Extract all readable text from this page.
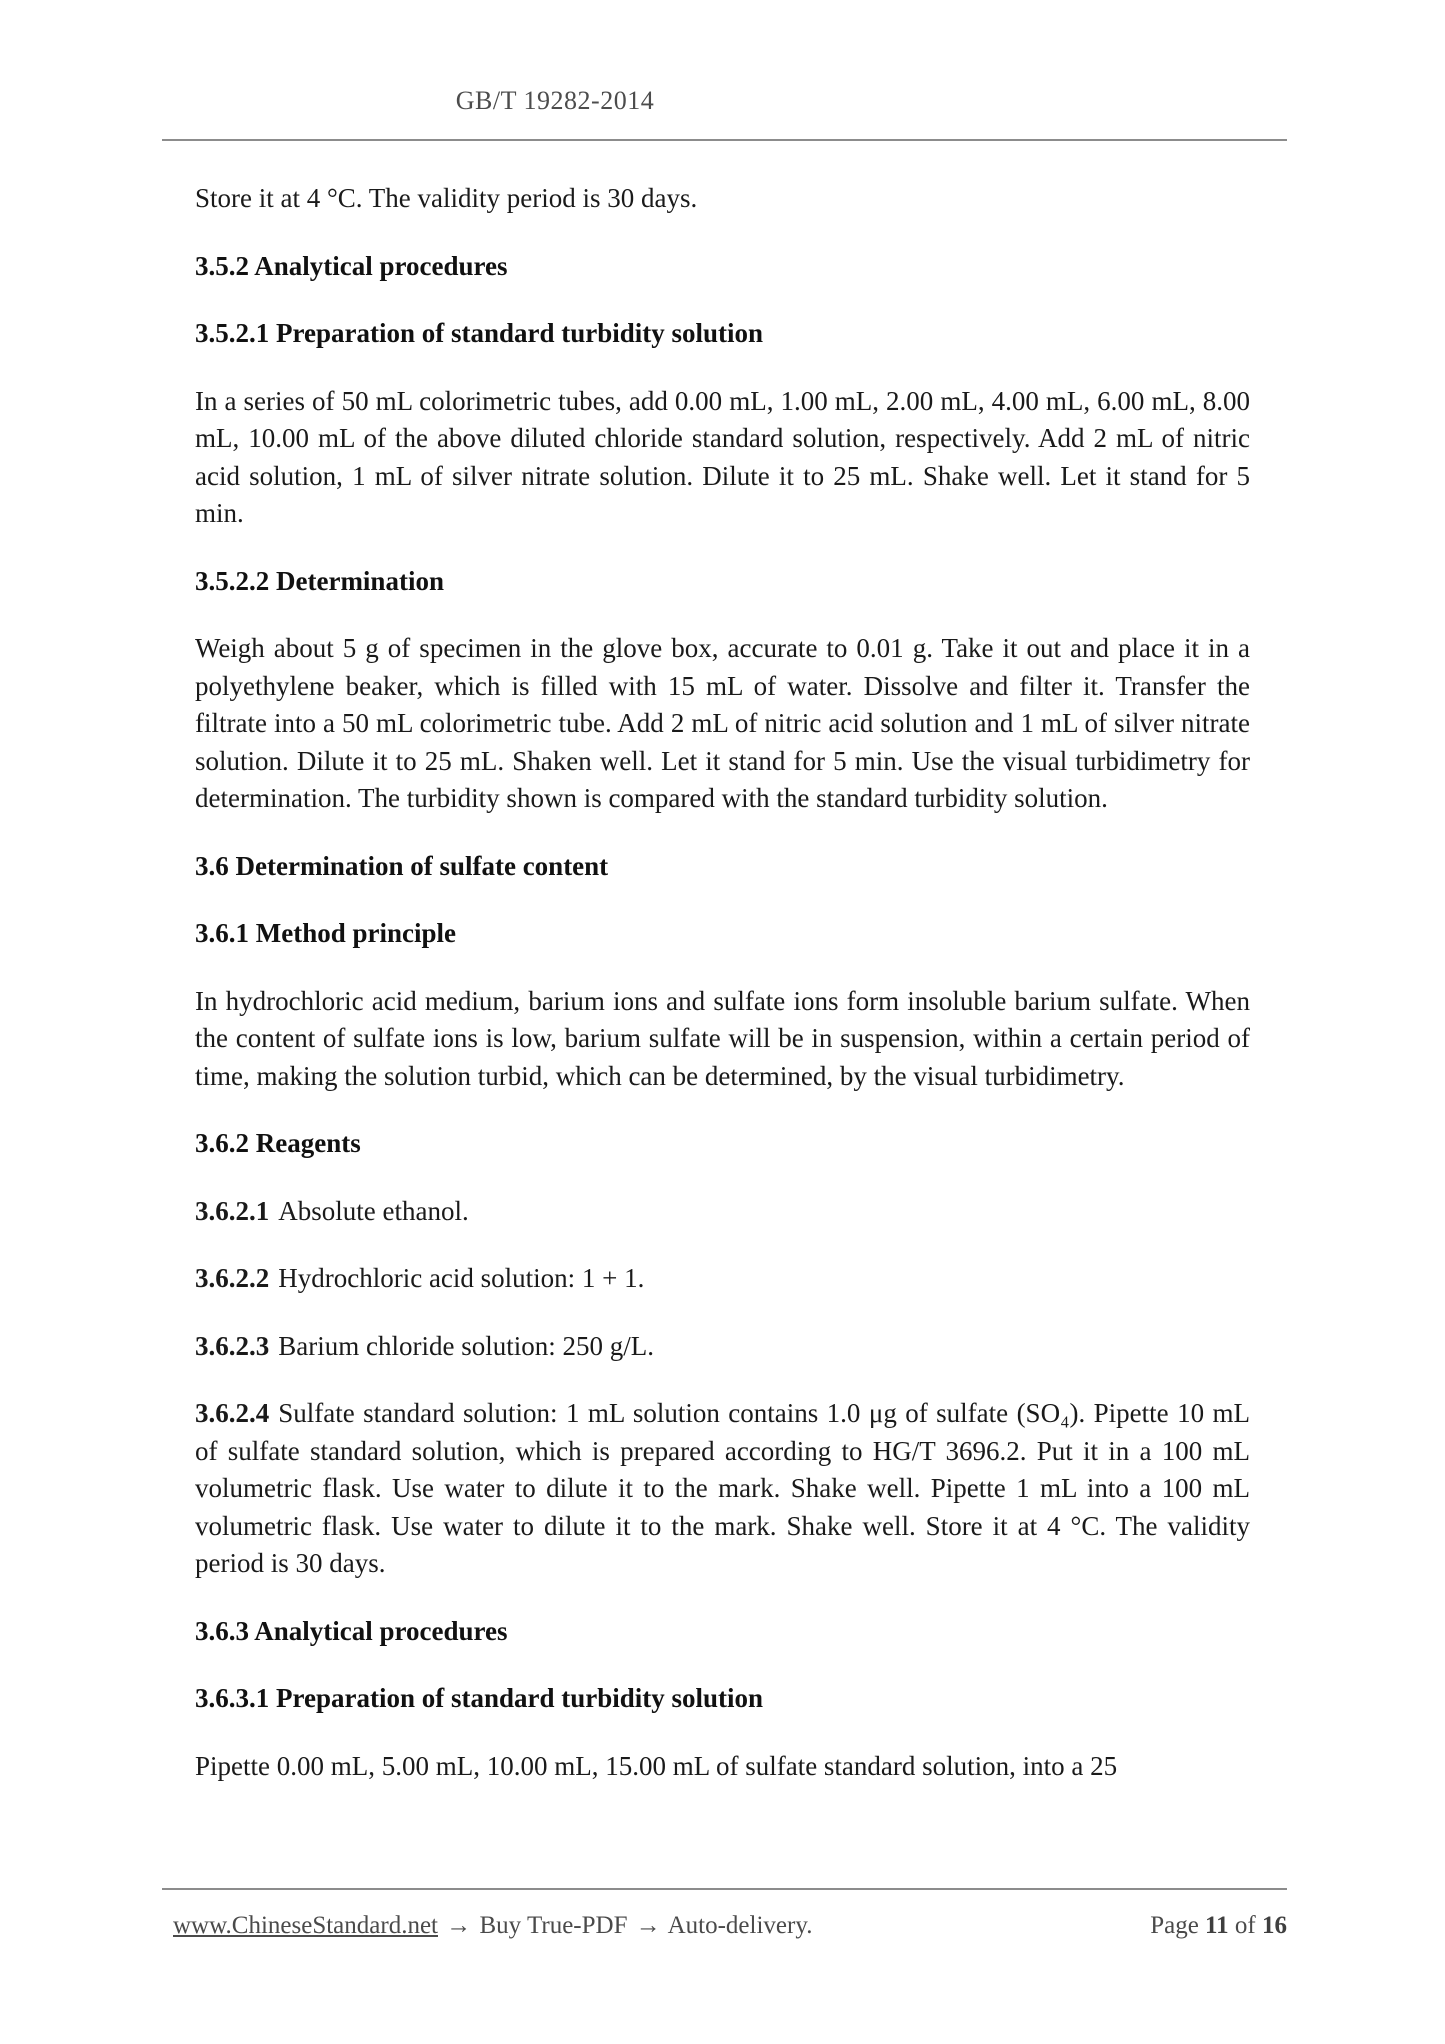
GB/T 19282-2014

Store it at 4 °C. The validity period is 30 days.

3.5.2 Analytical procedures
3.5.2.1 Preparation of standard turbidity solution

In a series of 50 mL colorimetric tubes, add 0.00 mL, 1.00 mL, 2.00 mL, 4.00 mL, 6.00 mL, 8.00 mL, 10.00 mL of the above diluted chloride standard solution, respectively. Add 2 mL of nitric acid solution, 1 mL of silver nitrate solution. Dilute it to 25 mL. Shake well. Let it stand for 5 min.

3.5.2.2 Determination

Weigh about 5 g of specimen in the glove box, accurate to 0.01 g. Take it out and place it in a polyethylene beaker, which is filled with 15 mL of water. Dissolve and filter it. Transfer the filtrate into a 50 mL colorimetric tube. Add 2 mL of nitric acid solution and 1 mL of silver nitrate solution. Dilute it to 25 mL. Shaken well. Let it stand for 5 min. Use the visual turbidimetry for determination. The turbidity shown is compared with the standard turbidity solution.

3.6 Determination of sulfate content
3.6.1 Method principle

In hydrochloric acid medium, barium ions and sulfate ions form insoluble barium sulfate. When the content of sulfate ions is low, barium sulfate will be in suspension, within a certain period of time, making the solution turbid, which can be determined, by the visual turbidimetry.

3.6.2 Reagents

3.6.2.1 Absolute ethanol.

3.6.2.2 Hydrochloric acid solution: 1 + 1.

3.6.2.3 Barium chloride solution: 250 g/L.

3.6.2.4 Sulfate standard solution: 1 mL solution contains 1.0 μg of sulfate (SO₄). Pipette 10 mL of sulfate standard solution, which is prepared according to HG/T 3696.2. Put it in a 100 mL volumetric flask. Use water to dilute it to the mark. Shake well. Pipette 1 mL into a 100 mL volumetric flask. Use water to dilute it to the mark. Shake well. Store it at 4 °C. The validity period is 30 days.

3.6.3 Analytical procedures
3.6.3.1 Preparation of standard turbidity solution

Pipette 0.00 mL, 5.00 mL, 10.00 mL, 15.00 mL of sulfate standard solution, into a 25

www.ChineseStandard.net → Buy True-PDF → Auto-delivery.	Page 11 of 16
